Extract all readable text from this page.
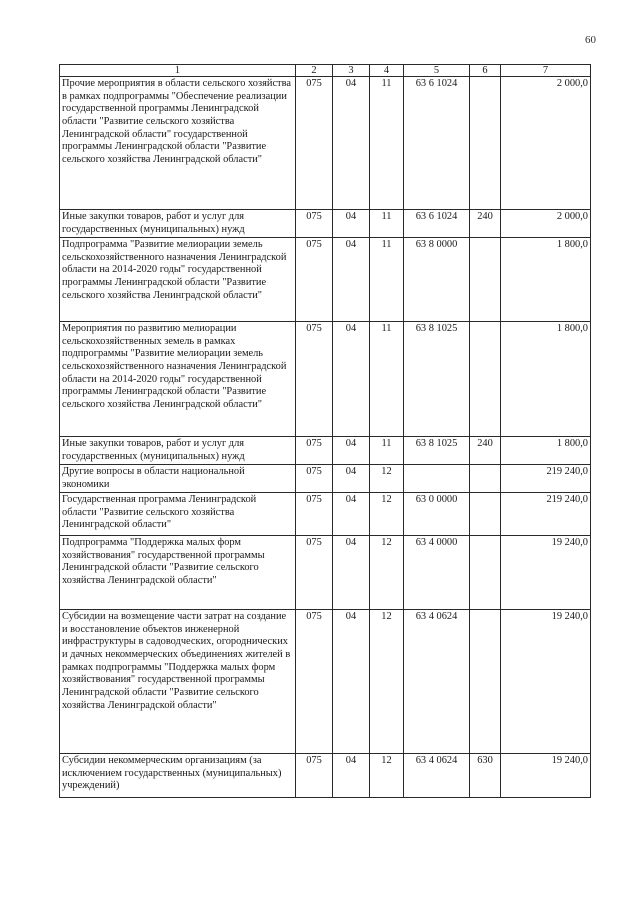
60
1	2	3	4	5	6	7
Прочие мероприятия в области сельского хозяйства в рамках подпрограммы "Обеспечение реализации государственной программы Ленинградской области "Развитие сельского хозяйства Ленинградской области" государственной программы Ленинградской области "Развитие сельского хозяйства Ленинградской области"	075	04	11	63 6 1024		2 000,0
Иные закупки товаров, работ и услуг для государственных (муниципальных) нужд	075	04	11	63 6 1024	240	2 000,0
Подпрограмма "Развитие мелиорации земель сельскохозяйственного назначения Ленинградской области на 2014-2020 годы" государственной программы Ленинградской области "Развитие сельского хозяйства Ленинградской области"	075	04	11	63 8 0000		1 800,0
Мероприятия по развитию мелиорации сельскохозяйственных земель в рамках подпрограммы "Развитие мелиорации земель сельскохозяйственного назначения Ленинградской области на 2014-2020 годы" государственной программы Ленинградской области "Развитие сельского хозяйства Ленинградской области"	075	04	11	63 8 1025		1 800,0
Иные закупки товаров, работ и услуг для государственных (муниципальных) нужд	075	04	11	63 8 1025	240	1 800,0
Другие вопросы в области национальной экономики	075	04	12			219 240,0
Государственная программа Ленинградской области "Развитие сельского хозяйства Ленинградской области"	075	04	12	63 0 0000		219 240,0
Подпрограмма "Поддержка малых форм хозяйствования" государственной программы Ленинградской области "Развитие сельского хозяйства Ленинградской области"	075	04	12	63 4 0000		19 240,0
Субсидии на возмещение части затрат на создание и восстановление объектов инженерной инфраструктуры в садоводческих, огороднических и дачных некоммерческих объединениях жителей в рамках подпрограммы "Поддержка малых форм хозяйствования" государственной программы Ленинградской области "Развитие сельского хозяйства Ленинградской области"	075	04	12	63 4 0624		19 240,0
Субсидии некоммерческим организациям (за исключением государственных (муниципальных) учреждений)	075	04	12	63 4 0624	630	19 240,0
